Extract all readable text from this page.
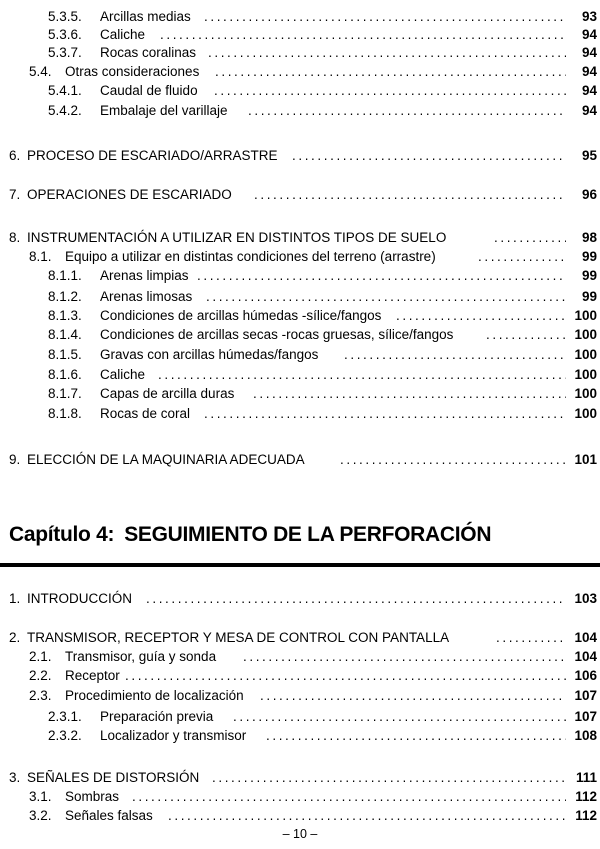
5.3.5. Arcillas medias .....	93
5.3.6. Caliche .....	94
5.3.7. Rocas coralinas .....	94
5.4. Otras consideraciones .....	94
5.4.1. Caudal de fluido .....	94
5.4.2. Embalaje del varillaje .....	94
6. PROCESO DE ESCARIADO/ARRASTRE .....	95
7. OPERACIONES DE ESCARIADO .....	96
8. INSTRUMENTACIÓN A UTILIZAR EN DISTINTOS TIPOS DE SUELO .....	98
8.1. Equipo a utilizar en distintas condiciones del terreno (arrastre) .....	99
8.1.1. Arenas limpias .....	99
8.1.2. Arenas limosas .....	99
8.1.3. Condiciones de arcillas húmedas -sílice/fangos .....	100
8.1.4. Condiciones de arcillas secas -rocas gruesas, sílice/fangos .....	100
8.1.5. Gravas con arcillas húmedas/fangos .....	100
8.1.6. Caliche .....	100
8.1.7. Capas de arcilla duras .....	100
8.1.8. Rocas de coral .....	100
9. ELECCIÓN DE LA MAQUINARIA ADECUADA .....	101
Capítulo 4: SEGUIMIENTO DE LA PERFORACIÓN
1. INTRODUCCIÓN .....	103
2. TRANSMISOR, RECEPTOR Y MESA DE CONTROL CON PANTALLA .....	104
2.1. Transmisor, guía y sonda .....	104
2.2. Receptor .....	106
2.3. Procedimiento de localización .....	107
2.3.1. Preparación previa .....	107
2.3.2. Localizador y transmisor .....	108
3. SEÑALES DE DISTORSIÓN .....	111
3.1. Sombras .....	112
3.2. Señales falsas .....	112
– 10 –
